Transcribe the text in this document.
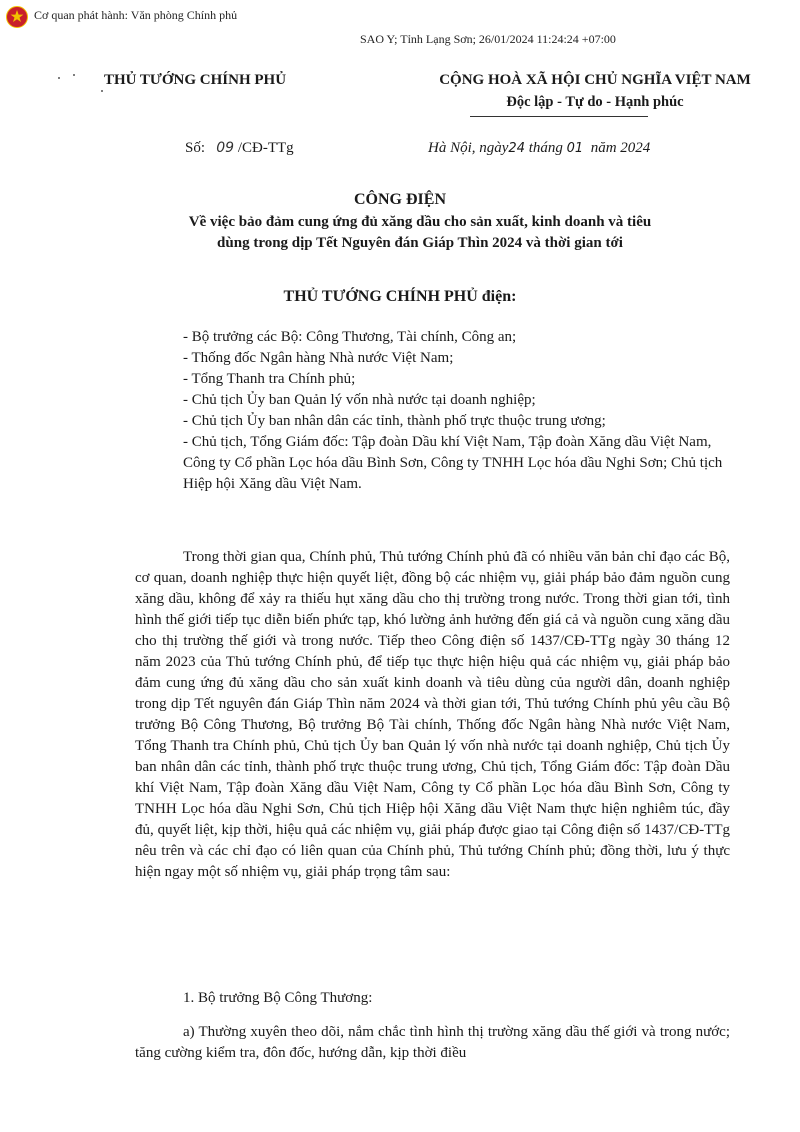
Cơ quan phát hành: Văn phòng Chính phủ
SAO Y; Tỉnh Lạng Sơn; 26/01/2024 11:24:24 +07:00
THỦ TƯỚNG CHÍNH PHỦ	CỘNG HOÀ XÃ HỘI CHỦ NGHĨA VIỆT NAM
Độc lập - Tự do - Hạnh phúc
Số: 09 /CĐ-TTg	Hà Nội, ngày24 tháng 01 năm 2024
CÔNG ĐIỆN
Về việc bảo đảm cung ứng đủ xăng dầu cho sản xuất, kinh doanh và tiêu
dùng trong dịp Tết Nguyên đán Giáp Thìn 2024 và thời gian tới
THỦ TƯỚNG CHÍNH PHỦ điện:
- Bộ trưởng các Bộ: Công Thương, Tài chính, Công an;
- Thống đốc Ngân hàng Nhà nước Việt Nam;
- Tổng Thanh tra Chính phủ;
- Chủ tịch Ủy ban Quản lý vốn nhà nước tại doanh nghiệp;
- Chủ tịch Ủy ban nhân dân các tỉnh, thành phố trực thuộc trung ương;
- Chủ tịch, Tổng Giám đốc: Tập đoàn Dầu khí Việt Nam, Tập đoàn Xăng dầu Việt Nam, Công ty Cổ phần Lọc hóa dầu Bình Sơn, Công ty TNHH Lọc hóa dầu Nghi Sơn; Chủ tịch Hiệp hội Xăng dầu Việt Nam.

Trong thời gian qua, Chính phủ, Thủ tướng Chính phủ đã có nhiều văn bản chỉ đạo các Bộ, cơ quan, doanh nghiệp thực hiện quyết liệt, đồng bộ các nhiệm vụ, giải pháp bảo đảm nguồn cung xăng dầu, không để xảy ra thiếu hụt xăng dầu cho thị trường trong nước. Trong thời gian tới, tình hình thế giới tiếp tục diễn biến phức tạp, khó lường ảnh hưởng đến giá cả và nguồn cung xăng dầu cho thị trường thế giới và trong nước. Tiếp theo Công điện số 1437/CĐ-TTg ngày 30 tháng 12 năm 2023 của Thủ tướng Chính phủ, để tiếp tục thực hiện hiệu quả các nhiệm vụ, giải pháp bảo đảm cung ứng đủ xăng dầu cho sản xuất kinh doanh và tiêu dùng của người dân, doanh nghiệp trong dịp Tết nguyên đán Giáp Thìn năm 2024 và thời gian tới, Thủ tướng Chính phủ yêu cầu Bộ trưởng Bộ Công Thương, Bộ trưởng Bộ Tài chính, Thống đốc Ngân hàng Nhà nước Việt Nam, Tổng Thanh tra Chính phủ, Chủ tịch Ủy ban Quản lý vốn nhà nước tại doanh nghiệp, Chủ tịch Ủy ban nhân dân các tỉnh, thành phố trực thuộc trung ương, Chủ tịch, Tổng Giám đốc: Tập đoàn Dầu khí Việt Nam, Tập đoàn Xăng dầu Việt Nam, Công ty Cổ phần Lọc hóa dầu Bình Sơn, Công ty TNHH Lọc hóa dầu Nghi Sơn, Chủ tịch Hiệp hội Xăng dầu Việt Nam thực hiện nghiêm túc, đầy đủ, quyết liệt, kịp thời, hiệu quả các nhiệm vụ, giải pháp được giao tại Công điện số 1437/CĐ-TTg nêu trên và các chỉ đạo có liên quan của Chính phủ, Thủ tướng Chính phủ; đồng thời, lưu ý thực hiện ngay một số nhiệm vụ, giải pháp trọng tâm sau:

1. Bộ trưởng Bộ Công Thương:

a) Thường xuyên theo dõi, nắm chắc tình hình thị trường xăng dầu thế giới và trong nước; tăng cường kiểm tra, đôn đốc, hướng dẫn, kịp thời điều
